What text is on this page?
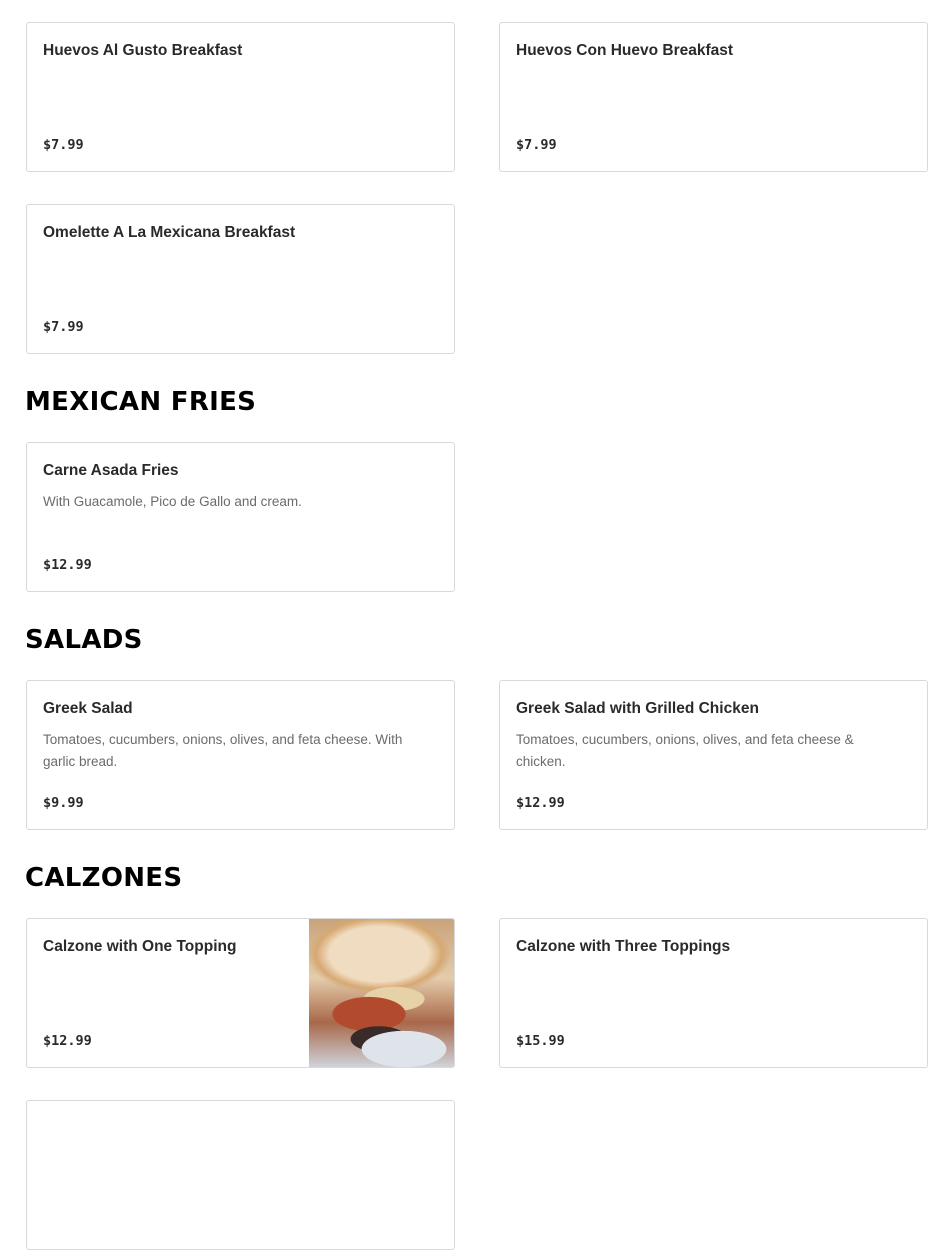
Huevos Al Gusto Breakfast
$7.99
Huevos Con Huevo Breakfast
$7.99
Omelette A La Mexicana Breakfast
$7.99
MEXICAN FRIES
Carne Asada Fries
With Guacamole, Pico de Gallo and cream.
$12.99
SALADS
Greek Salad
Tomatoes, cucumbers, onions, olives, and feta cheese. With garlic bread.
$9.99
Greek Salad with Grilled Chicken
Tomatoes, cucumbers, onions, olives, and feta cheese & chicken.
$12.99
CALZONES
Calzone with One Topping
$12.99
Calzone with Three Toppings
$15.99
